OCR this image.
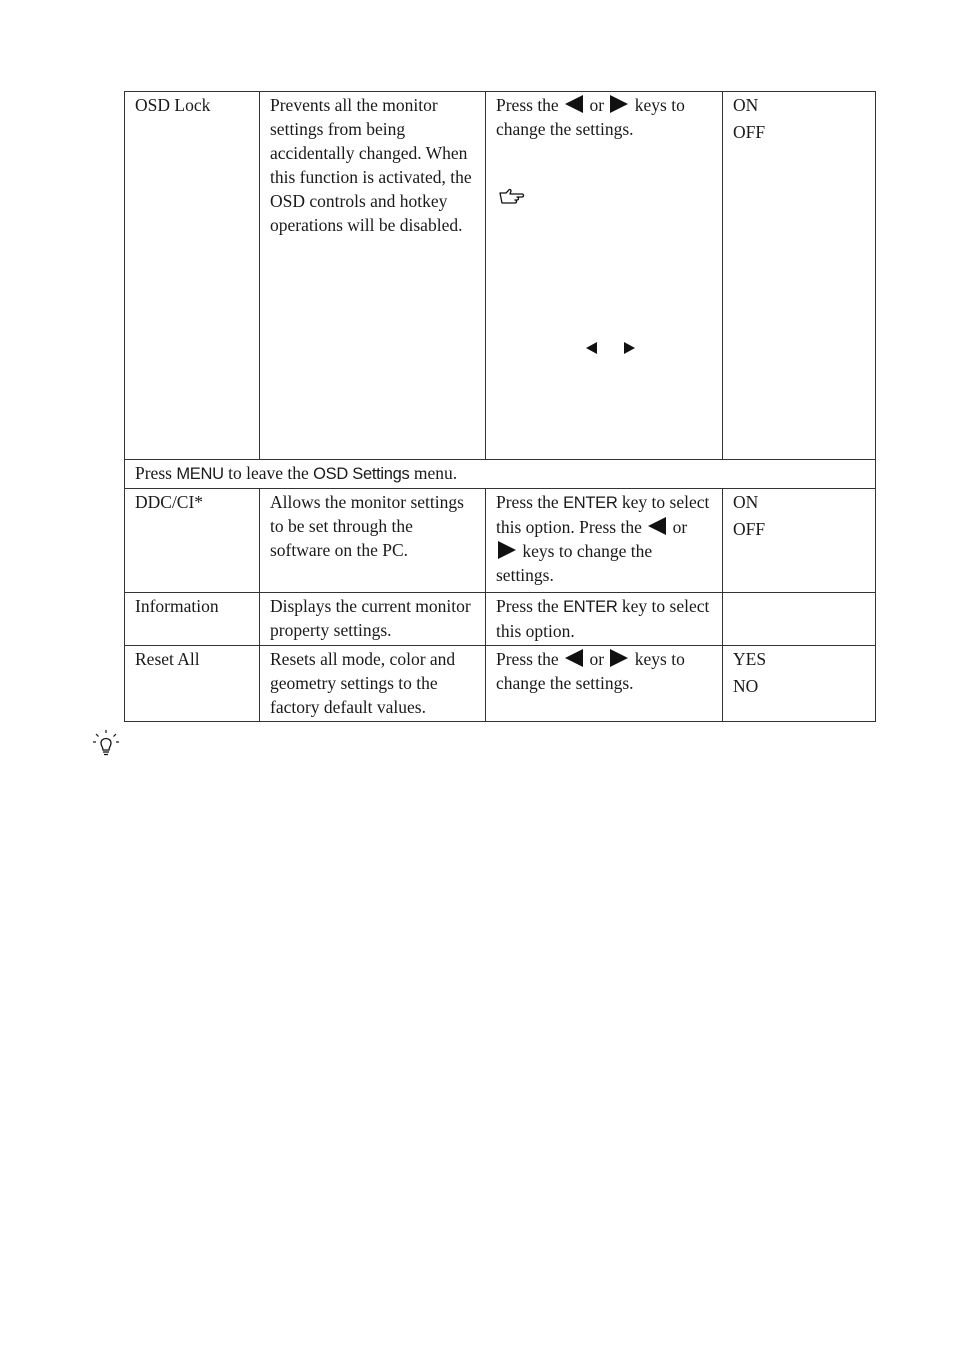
OSD Lock	Prevents all the monitor settings from being accidentally changed. When this function is activated, the OSD controls and hotkey operations will be disabled.	Press the or keys to change the settings.	ON
OFF

Press MENU to leave the OSD Settings menu.			
DDC/CI*	Allows the monitor settings to be set through the software on the PC.	Press the ENTER key to select this option. Press the or  keys to change the settings.	ON
OFF

Information	Displays the current monitor property settings.	Press the ENTER key to select this option.	
Reset All	Resets all mode, color and geometry settings to the factory default values.	Press the or keys to change the settings.	YES
NO
